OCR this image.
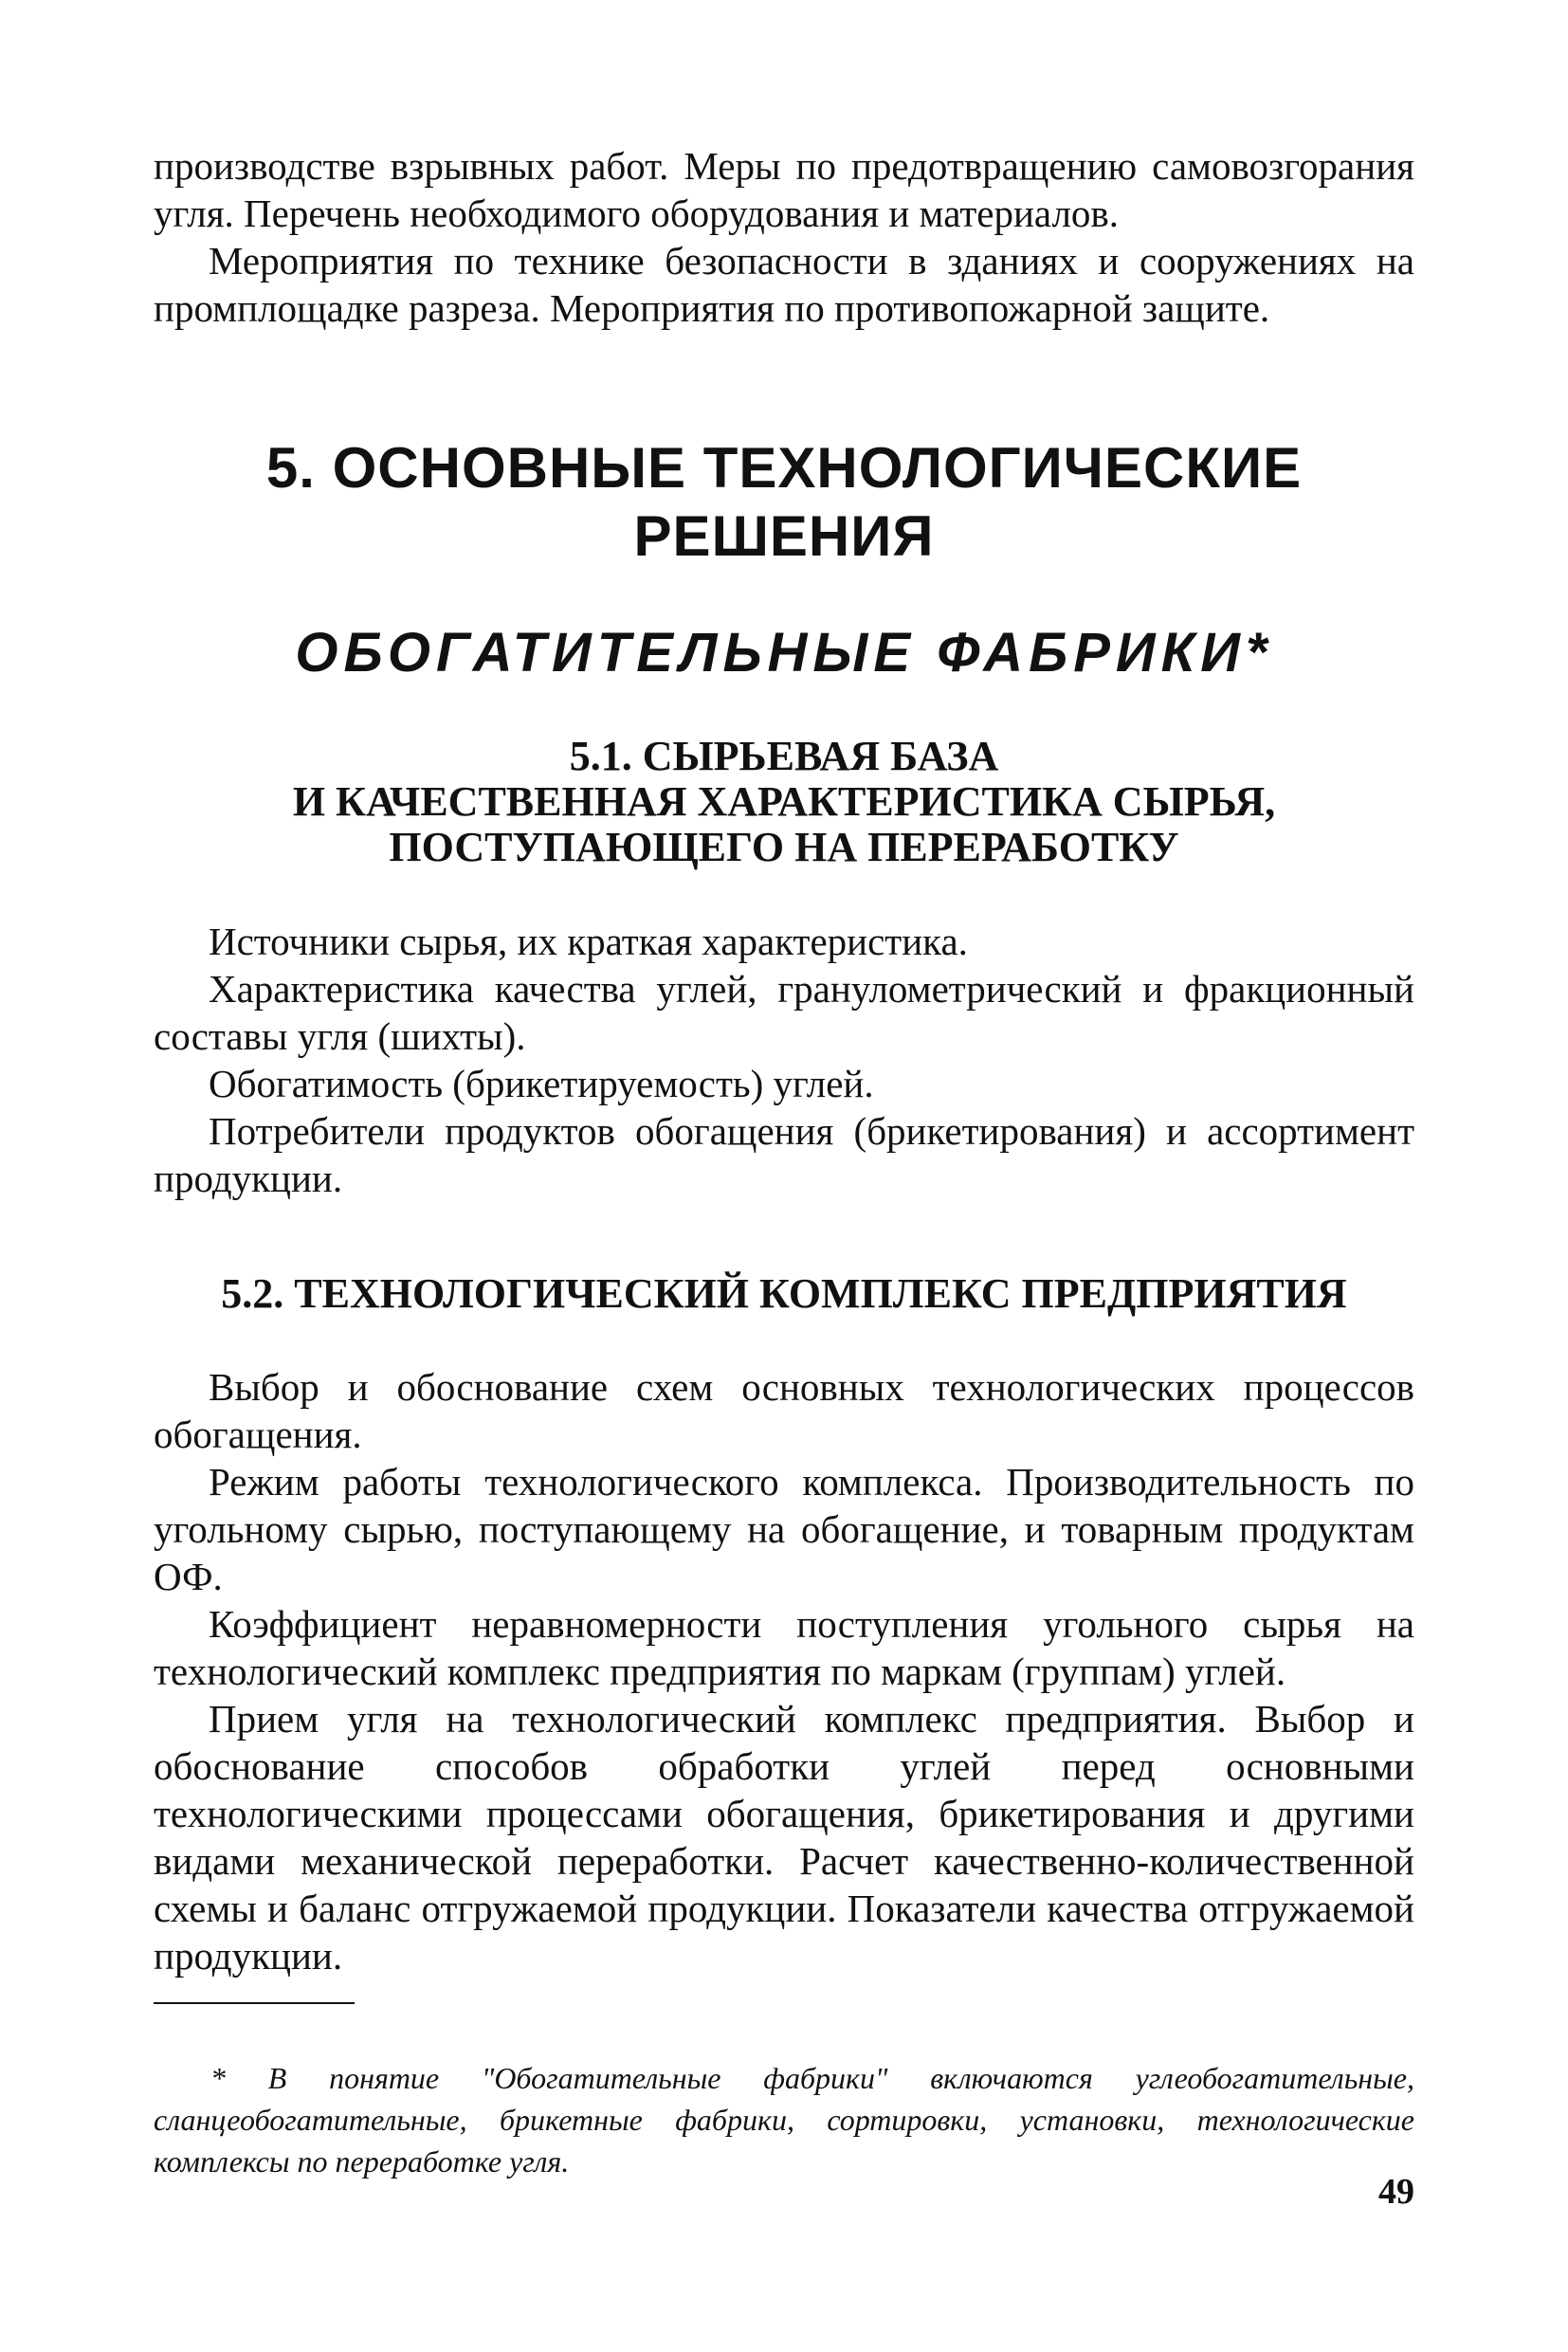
производстве взрывных работ. Меры по предотвращению самовозгорания угля. Перечень необходимого оборудования и материалов.

Мероприятия по технике безопасности в зданиях и сооружениях на промплощадке разреза. Мероприятия по противопожарной защите.

5. ОСНОВНЫЕ ТЕХНОЛОГИЧЕСКИЕ РЕШЕНИЯ
ОБОГАТИТЕЛЬНЫЕ ФАБРИКИ*
5.1. СЫРЬЕВАЯ БАЗА
И КАЧЕСТВЕННАЯ ХАРАКТЕРИСТИКА СЫРЬЯ,
ПОСТУПАЮЩЕГО НА ПЕРЕРАБОТКУ

Источники сырья, их краткая характеристика.

Характеристика качества углей, гранулометрический и фракционный составы угля (шихты).

Обогатимость (брикетируемость) углей.

Потребители продуктов обогащения (брикетирования) и ассортимент продукции.

5.2. ТЕХНОЛОГИЧЕСКИЙ КОМПЛЕКС ПРЕДПРИЯТИЯ

Выбор и обоснование схем основных технологических процессов обогащения.

Режим работы технологического комплекса. Производительность по угольному сырью, поступающему на обогащение, и товарным продуктам ОФ.

Коэффициент неравномерности поступления угольного сырья на технологический комплекс предприятия по маркам (группам) углей.

Прием угля на технологический комплекс предприятия. Выбор и обоснование способов обработки углей перед основными технологическими процессами обогащения, брикетирования и другими видами механической переработки. Расчет качественно-количественной схемы и баланс отгружаемой продукции. Показатели качества отгружаемой продукции.

* В понятие "Обогатительные фабрики" включаются углеобогатительные, сланцеобогатительные, брикетные фабрики, сортировки, установки, технологические комплексы по переработке угля.

49
